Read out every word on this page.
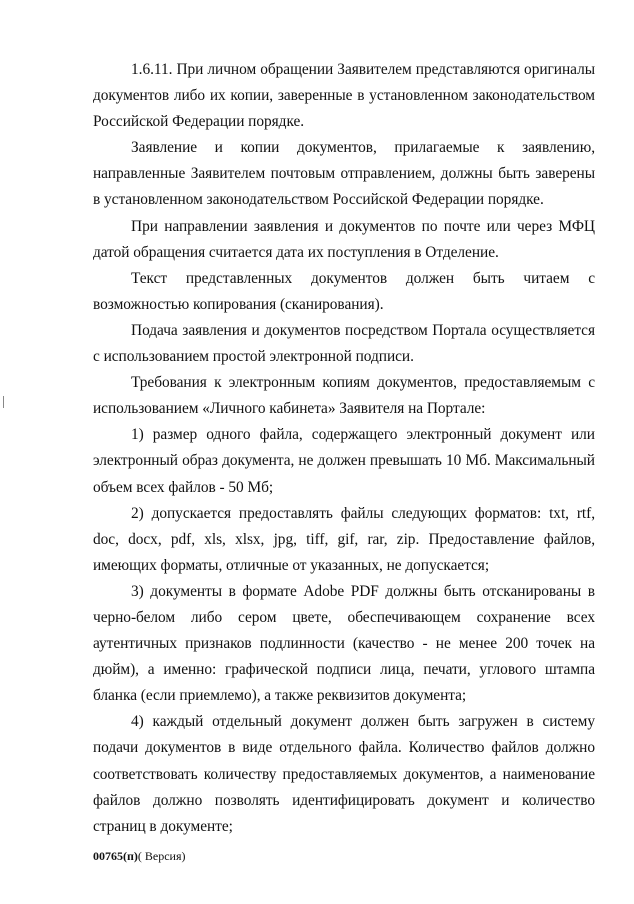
1.6.11. При личном обращении Заявителем представляются оригиналы документов либо их копии, заверенные в установленном законодательством Российской Федерации порядке.

Заявление и копии документов, прилагаемые к заявлению, направленные Заявителем почтовым отправлением, должны быть заверены в установленном законодательством Российской Федерации порядке.

При направлении заявления и документов по почте или через МФЦ датой обращения считается дата их поступления в Отделение.

Текст представленных документов должен быть читаем с возможностью копирования (сканирования).

Подача заявления и документов посредством Портала осуществляется с использованием простой электронной подписи.

Требования к электронным копиям документов, предоставляемым с использованием «Личного кабинета» Заявителя на Портале:

1) размер одного файла, содержащего электронный документ или электронный образ документа, не должен превышать 10 Мб. Максимальный объем всех файлов - 50 Мб;

2) допускается предоставлять файлы следующих форматов: txt, rtf, doc, docx, pdf, xls, xlsx, jpg, tiff, gif, rar, zip. Предоставление файлов, имеющих форматы, отличные от указанных, не допускается;

3) документы в формате Adobe PDF должны быть отсканированы в черно-белом либо сером цвете, обеспечивающем сохранение всех аутентичных признаков подлинности (качество - не менее 200 точек на дюйм), а именно: графической подписи лица, печати, углового штампа бланка (если приемлемо), а также реквизитов документа;

4) каждый отдельный документ должен быть загружен в систему подачи документов в виде отдельного файла. Количество файлов должно соответствовать количеству предоставляемых документов, а наименование файлов должно позволять идентифицировать документ и количество страниц в документе;

00765(п)( Версия)
